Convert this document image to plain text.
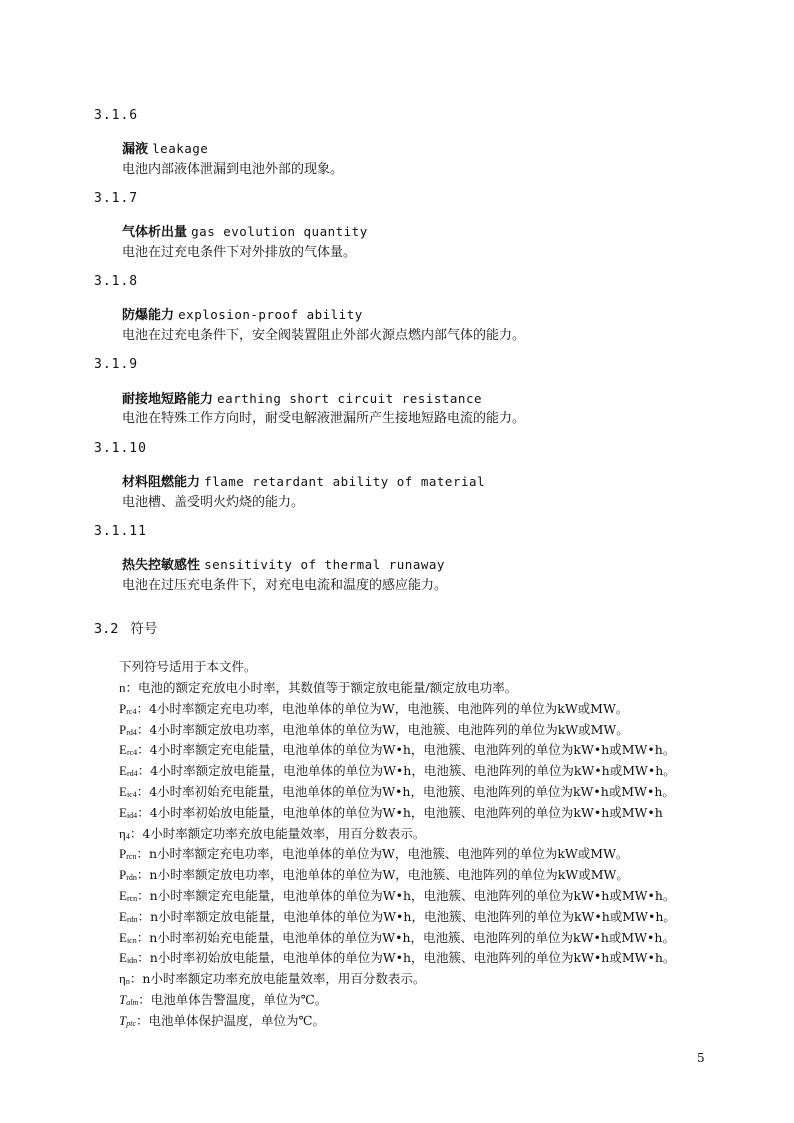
3.1.6
漏液 leakage
电池内部液体泄漏到电池外部的现象。
3.1.7
气体析出量 gas evolution quantity
电池在过充电条件下对外排放的气体量。
3.1.8
防爆能力 explosion-proof ability
电池在过充电条件下，安全阀装置阻止外部火源点燃内部气体的能力。
3.1.9
耐接地短路能力 earthing short circuit resistance
电池在特殊工作方向时，耐受电解液泄漏所产生接地短路电流的能力。
3.1.10
材料阻燃能力 flame retardant ability of material
电池槽、盖受明火灼烧的能力。
3.1.11
热失控敏感性 sensitivity of thermal runaway
电池在过压充电条件下，对充电电流和温度的感应能力。
3.2 符号
下列符号适用于本文件。
n：电池的额定充放电小时率，其数值等于额定放电能量/额定放电功率。
$P_{rc4}$：4小时率额定充电功率，电池单体的单位为W，电池簇、电池阵列的单位为kW或MW。
$P_{rd4}$：4小时率额定放电功率，电池单体的单位为W，电池簇、电池阵列的单位为kW或MW。
$E_{rc4}$：4小时率额定充电能量，电池单体的单位为W•h，电池簇、电池阵列的单位为kW•h或MW•h。
$E_{rd4}$：4小时率额定放电能量，电池单体的单位为W•h，电池簇、电池阵列的单位为kW•h或MW•h。
$E_{ic4}$：4小时率初始充电能量，电池单体的单位为W•h，电池簇、电池阵列的单位为kW•h或MW•h。
$E_{id4}$：4小时率初始放电能量，电池单体的单位为W•h，电池簇、电池阵列的单位为kW•h或MW•h
$\eta_4$：4小时率额定功率充放电能量效率，用百分数表示。
$P_{rcn}$：n小时率额定充电功率，电池单体的单位为W，电池簇、电池阵列的单位为kW或MW。
$P_{rdn}$：n小时率额定放电功率，电池单体的单位为W，电池簇、电池阵列的单位为kW或MW。
$E_{rcn}$：n小时率额定充电能量，电池单体的单位为W•h，电池簇、电池阵列的单位为kW•h或MW•h。
$E_{rdn}$：n小时率额定放电能量，电池单体的单位为W•h，电池簇、电池阵列的单位为kW•h或MW•h。
$E_{icn}$：n小时率初始充电能量，电池单体的单位为W•h，电池簇、电池阵列的单位为kW•h或MW•h。
$E_{idn}$：n小时率初始放电能量，电池单体的单位为W•h，电池簇、电池阵列的单位为kW•h或MW•h。
$\eta_n$：n小时率额定功率充放电能量效率，用百分数表示。
$T_{alm}$：电池单体告警温度，单位为℃。
$T_{ptc}$：电池单体保护温度，单位为℃。
5
